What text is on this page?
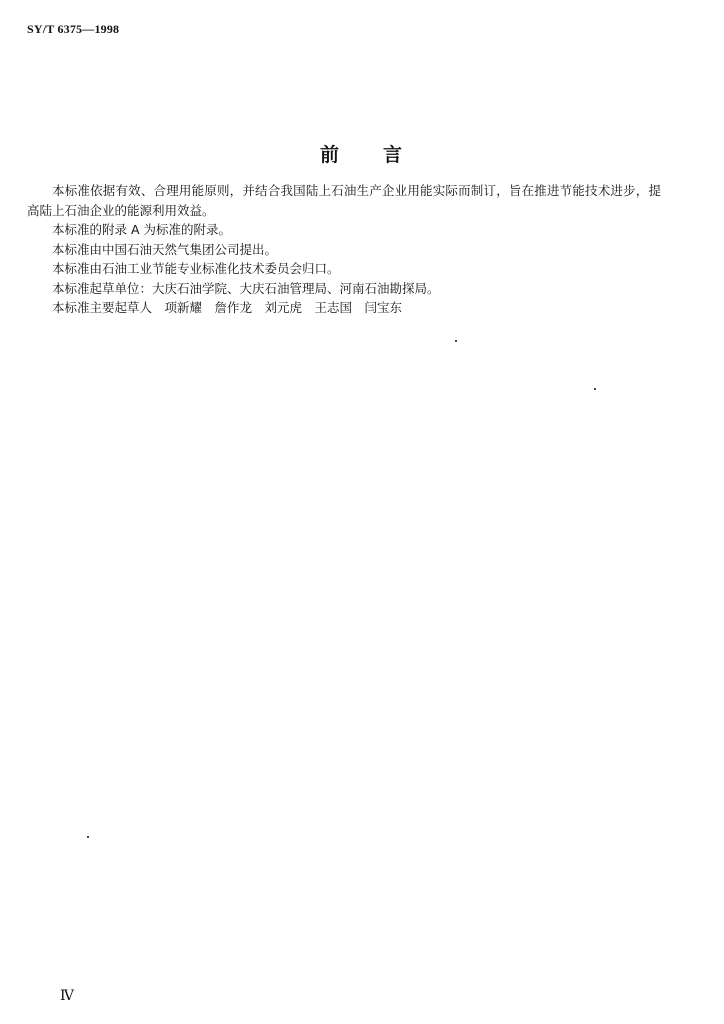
SY/T 6375—1998
前 言

本标准依据有效、合理用能原则，并结合我国陆上石油生产企业用能实际而制订，旨在推进节能技术进步，提高陆上石油企业的能源利用效益。

本标准的附录 A 为标准的附录。

本标准由中国石油天然气集团公司提出。

本标准由石油工业节能专业标准化技术委员会归口。

本标准起草单位：大庆石油学院、大庆石油管理局、河南石油勘探局。

本标准主要起草人　项新耀　詹作龙　刘元虎　王志国　闫宝东

Ⅳ
